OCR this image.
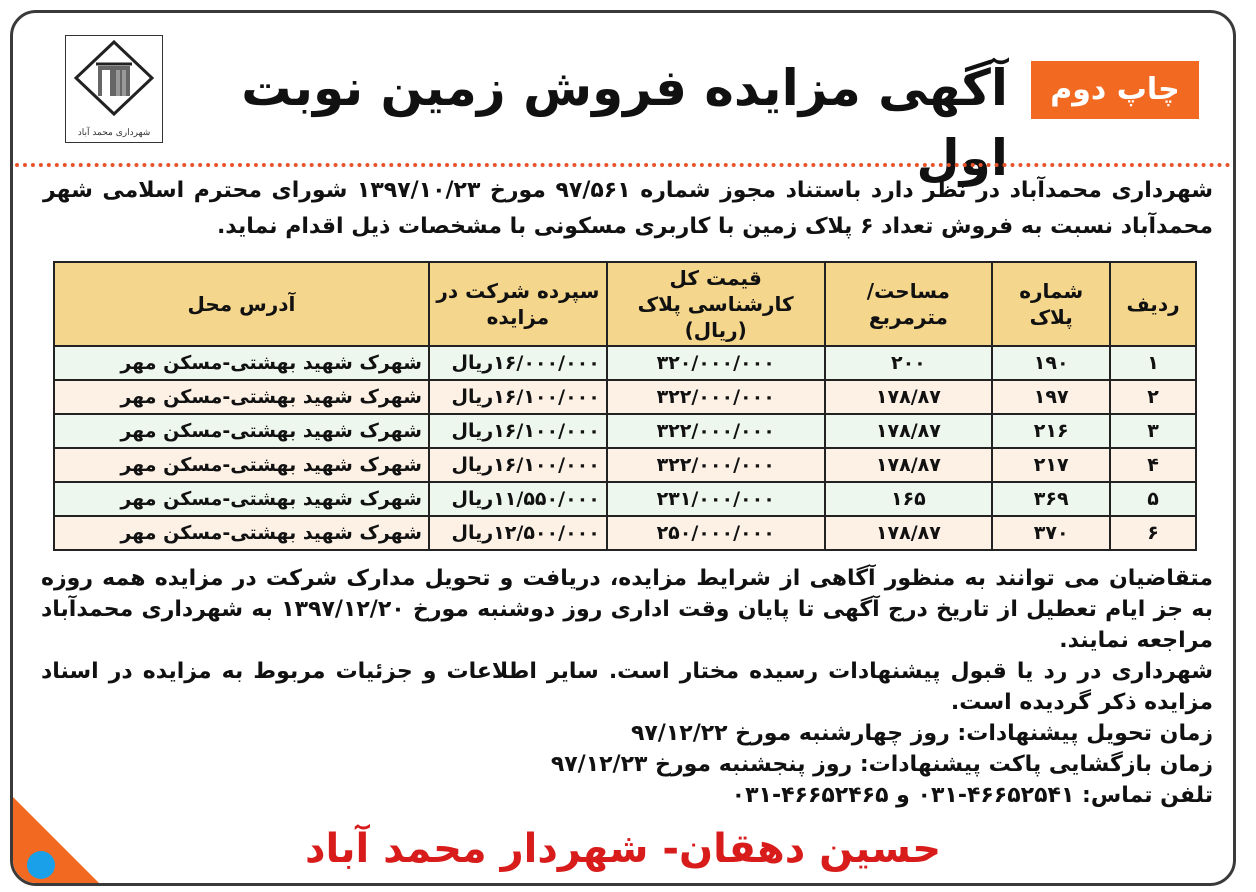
شهرداری محمد آباد
آگهی مزایده فروش زمین نوبت اول
چاپ دوم
شهرداری محمدآباد در نظر دارد باستناد مجوز شماره ۹۷/۵۶۱ مورخ ۱۳۹۷/۱۰/۲۳ شورای محترم اسلامی شهر محمدآباد نسبت به فروش تعداد ۶ پلاک زمین با کاربری مسکونی با مشخصات ذیل اقدام نماید.
ردیف	شماره پلاک	مساحت/مترمربع	قیمت کل کارشناسی پلاک (ریال)	سپرده شرکت در مزایده	آدرس محل
۱	۱۹۰	۲۰۰	۳۲۰/۰۰۰/۰۰۰	۱۶/۰۰۰/۰۰۰ریال	شهرک شهید بهشتی-مسکن مهر
۲	۱۹۷	۱۷۸/۸۷	۳۲۲/۰۰۰/۰۰۰	۱۶/۱۰۰/۰۰۰ریال	شهرک شهید بهشتی-مسکن مهر
۳	۲۱۶	۱۷۸/۸۷	۳۲۲/۰۰۰/۰۰۰	۱۶/۱۰۰/۰۰۰ریال	شهرک شهید بهشتی-مسکن مهر
۴	۲۱۷	۱۷۸/۸۷	۳۲۲/۰۰۰/۰۰۰	۱۶/۱۰۰/۰۰۰ریال	شهرک شهید بهشتی-مسکن مهر
۵	۳۶۹	۱۶۵	۲۳۱/۰۰۰/۰۰۰	۱۱/۵۵۰/۰۰۰ریال	شهرک شهید بهشتی-مسکن مهر
۶	۳۷۰	۱۷۸/۸۷	۲۵۰/۰۰۰/۰۰۰	۱۲/۵۰۰/۰۰۰ریال	شهرک شهید بهشتی-مسکن مهر

متقاضیان می توانند به منظور آگاهی از شرایط مزایده، دریافت و تحویل مدارک شرکت در مزایده همه روزه به جز ایام تعطیل از تاریخ درج آگهی تا پایان وقت اداری روز دوشنبه مورخ ۱۳۹۷/۱۲/۲۰ به شهرداری محمدآباد مراجعه نمایند.

شهرداری در رد یا قبول پیشنهادات رسیده مختار است. سایر اطلاعات و جزئیات مربوط به مزایده در اسناد مزایده ذکر گردیده است.

زمان تحویل پیشنهادات: روز چهارشنبه مورخ ۹۷/۱۲/۲۲

زمان بازگشایی پاکت پیشنهادات: روز پنجشنبه مورخ ۹۷/۱۲/۲۳

تلفن تماس: ۴۶۶۵۲۵۴۱-۰۳۱ و ۴۶۶۵۲۴۶۵-۰۳۱

حسین دهقان- شهردار محمد آباد
